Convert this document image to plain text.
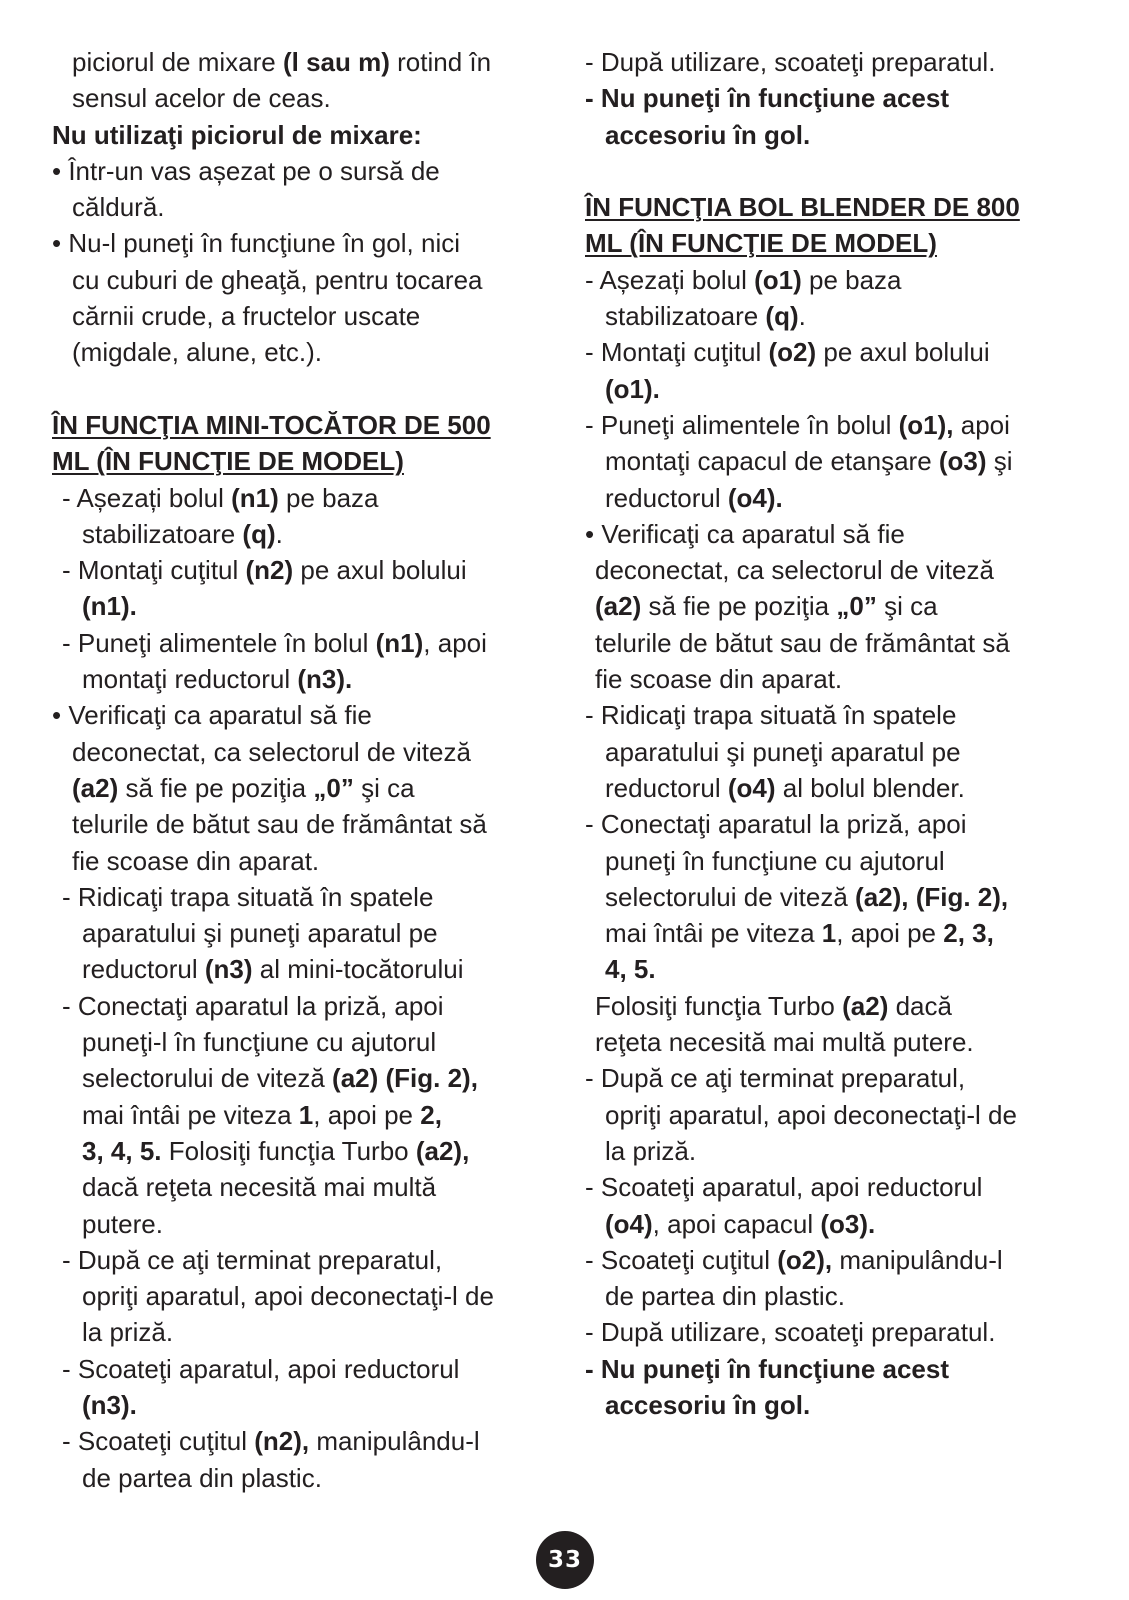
piciorul de mixare (l sau m) rotind în
sensul acelor de ceas.
Nu utilizaţi piciorul de mixare:
• Într-un vas așezat pe o sursă de
căldură.
• Nu-l puneţi în funcţiune în gol, nici
cu cuburi de gheaţă, pentru tocarea
cărnii crude, a fructelor uscate
(migdale, alune, etc.).
ÎN FUNCŢIA MINI-TOCĂTOR DE 500
ML (ÎN FUNCŢIE DE MODEL)
- Așezați bolul (n1) pe baza
stabilizatoare (q).
- Montaţi cuţitul (n2) pe axul bolului
(n1).
- Puneţi alimentele în bolul (n1), apoi
montaţi reductorul (n3).
• Verificaţi ca aparatul să fie
deconectat, ca selectorul de viteză
(a2) să fie pe poziţia „0” şi ca
telurile de bătut sau de frământat să
fie scoase din aparat.
- Ridicaţi trapa situată în spatele
aparatului şi puneţi aparatul pe
reductorul (n3) al mini-tocătorului
- Conectaţi aparatul la priză, apoi
puneţi-l în funcţiune cu ajutorul
selectorului de viteză (a2) (Fig. 2),
mai întâi pe viteza 1, apoi pe 2,
3, 4, 5. Folosiţi funcţia Turbo (a2),
dacă reţeta necesită mai multă
putere.
- După ce aţi terminat preparatul,
opriţi aparatul, apoi deconectaţi-l de
la priză.
- Scoateţi aparatul, apoi reductorul
(n3).
- Scoateţi cuţitul (n2), manipulându-l
de partea din plastic.
- După utilizare, scoateţi preparatul.
- Nu puneţi în funcţiune acest
accesoriu în gol.
ÎN FUNCŢIA BOL BLENDER DE 800
ML (ÎN FUNCŢIE DE MODEL)
- Așezați bolul (o1) pe baza
stabilizatoare (q).
- Montaţi cuţitul (o2) pe axul bolului
(o1).
- Puneţi alimentele în bolul (o1), apoi
montaţi capacul de etanşare (o3) şi
reductorul (o4).
• Verificaţi ca aparatul să fie
deconectat, ca selectorul de viteză
(a2) să fie pe poziţia „0” şi ca
telurile de bătut sau de frământat să
fie scoase din aparat.
- Ridicaţi trapa situată în spatele
aparatului şi puneţi aparatul pe
reductorul (o4) al bolul blender.
- Conectaţi aparatul la priză, apoi
puneţi în funcţiune cu ajutorul
selectorului de viteză (a2), (Fig. 2),
mai întâi pe viteza 1, apoi pe 2, 3,
4, 5.
Folosiţi funcţia Turbo (a2) dacă
reţeta necesită mai multă putere.
- După ce aţi terminat preparatul,
opriţi aparatul, apoi deconectaţi-l de
la priză.
- Scoateţi aparatul, apoi reductorul
(o4), apoi capacul (o3).
- Scoateţi cuţitul (o2), manipulându-l
de partea din plastic.
- După utilizare, scoateţi preparatul.
- Nu puneţi în funcţiune acest
accesoriu în gol.
33
